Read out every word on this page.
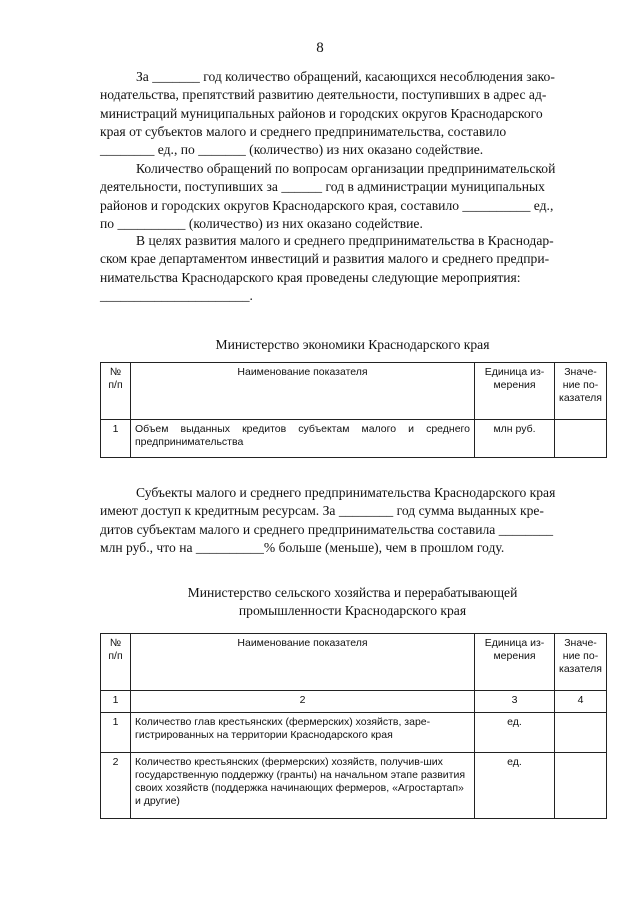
8
За _______ год количество обращений, касающихся несоблюдения зако-
нодательства, препятствий развитию деятельности, поступивших в адрес ад-
министраций муниципальных районов и городских округов Краснодарского
края от субъектов малого и среднего предпринимательства, составило
________ ед., по _______ (количество) из них оказано содействие.
Количество обращений по вопросам организации предпринимательской
деятельности, поступивших за ______ год в администрации муниципальных
районов и городских округов Краснодарского края, составило __________ ед.,
по __________ (количество) из них оказано содействие.
В целях развития малого и среднего предпринимательства в Краснодар-
ском крае департаментом инвестиций и развития малого и среднего предпри-
нимательства Краснодарского края проведены следующие мероприятия:
______________________.
Министерство экономики Краснодарского края
№ п/п	Наименование показателя	Единица из-мерения	Значе-ние по-казателя
1	Объем выданных кредитов субъектам малого и среднего предпринимательства	млн руб.	
Субъекты малого и среднего предпринимательства Краснодарского края
имеют доступ к кредитным ресурсам. За ________ год сумма выданных кре-
дитов субъектам малого и среднего предпринимательства составила ________
млн руб., что на __________% больше (меньше), чем в прошлом году.
Министерство сельского хозяйства и перерабатывающей
промышленности Краснодарского края
№ п/п	Наименование показателя	Единица из-мерения	Значе-ние по-казателя
1	2	3	4
1	Количество глав крестьянских (фермерских) хозяйств, заре-гистрированных на территории Краснодарского края	ед.	
2	Количество крестьянских (фермерских) хозяйств, получив-ших государственную поддержку (гранты) на начальном этапе развития своих хозяйств (поддержка начинающих фермеров, «Агростартап» и другие)	ед.	
